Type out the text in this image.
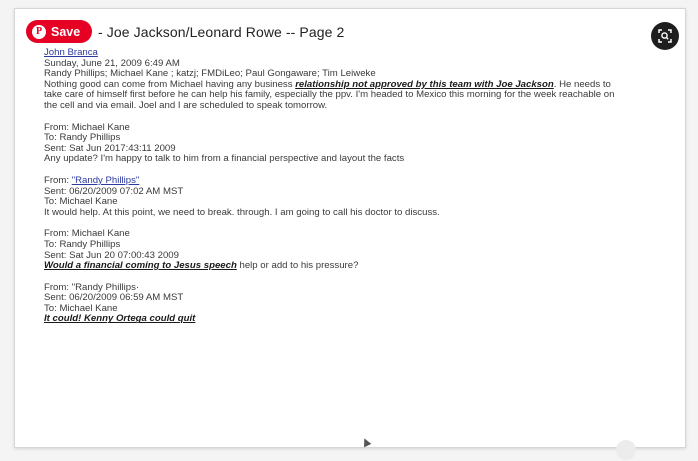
P Save - Joe Jackson/Leonard Rowe -- Page 2
John Branca
Sunday, June 21, 2009 6:49 AM
Randy Phillips; Michael Kane ; katzj; FMDiLeo; Paul Gongaware; Tim Leiweke
Nothing good can come from Michael having any business relationship not approved by this team with Joe Jackson. He needs to take care of himself first before he can help his family, especially the ppv. I'm headed to Mexico this morning for the week reachable on the cell and via email. Joel and I are scheduled to speak tomorrow.
From: Michael Kane
To: Randy Phillips
Sent: Sat Jun 2017:43:11 2009
Any update? I'm happy to talk to him from a financial perspective and layout the facts
From: "Randy Phillips"
Sent: 06/20/2009 07:02 AM MST
To: Michael Kane
It would help. At this point, we need to break. through. I am going to call his doctor to discuss.
From: Michael Kane
To: Randy Phillips
Sent: Sat Jun 20 07:00:43 2009
Would a financial coming to Jesus speech help or add to his pressure?
From: "Randy Phillips·
Sent: 06/20/2009 06:59 AM MST
To: Michael Kane
It could! Kenny Ortega could quit
